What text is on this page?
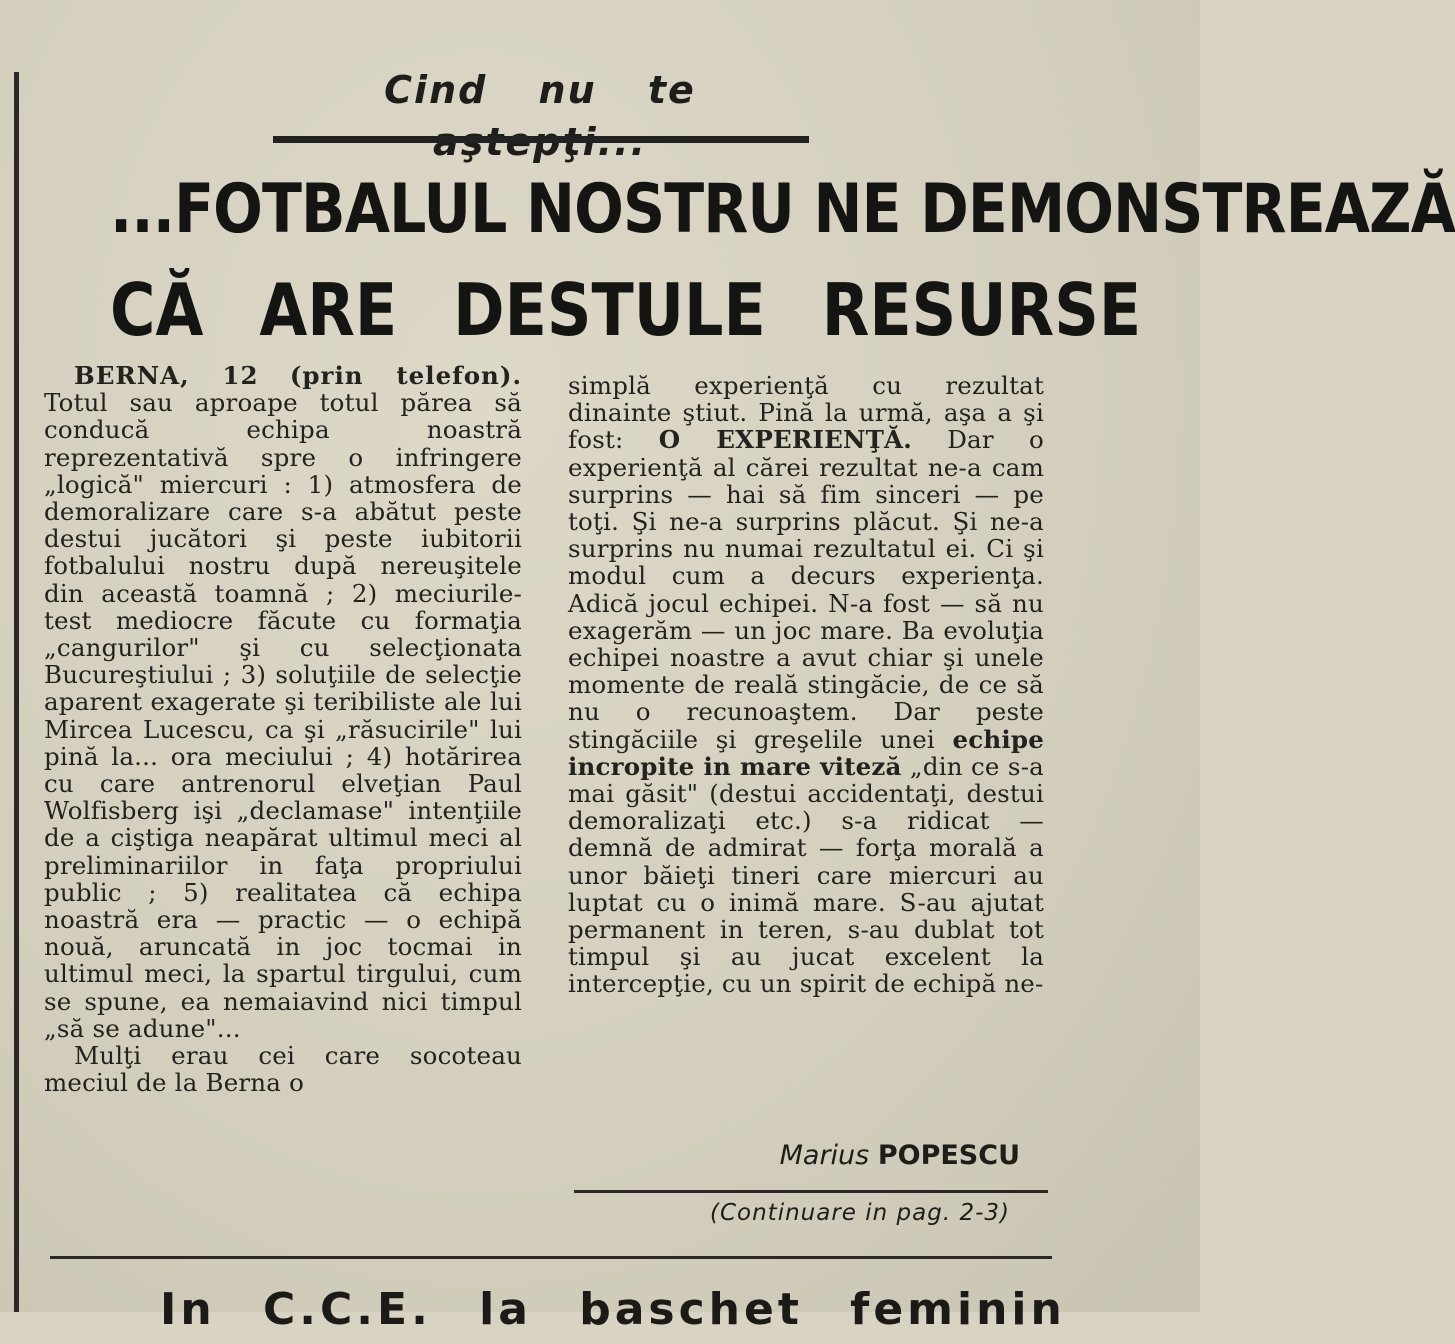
Cind nu te
...FOTBALUL NOSTRU NE DEMONSTREAZĂ
CĂ ARE DESTULE RESURSE

BERNA, 12 (prin telefon). Totul sau aproape totul părea să conducă echipa noastră reprezentativă spre o infringere „logică" miercuri : 1) atmosfera de demoralizare care s-a abătut peste destui jucători şi peste iubitorii fotbalului nostru după nereuşitele din această toamnă ; 2) meciurile-test mediocre făcute cu formaţia „cangurilor" şi cu selecţionata Bucureştiului ; 3) soluţiile de selecţie aparent exagerate şi teribiliste ale lui Mircea Lucescu, ca şi „răsucirile" lui pină la... ora meciului ; 4) hotărirea cu care antrenorul elveţian Paul Wolfisberg işi „declamase" intenţiile de a ciştiga neapărat ultimul meci al preliminariilor in faţa propriului public ; 5) realitatea că echipa noastră era — practic — o echipă nouă, aruncată in joc tocmai in ultimul meci, la spartul tirgului, cum se spune, ea nemaiavind nici timpul „să se adune"...

Mulţi erau cei care socoteau meciul de la Berna o

simplă experienţă cu rezultat dinainte ştiut. Pină la urmă, aşa a şi fost: O EXPERIENŢĂ. Dar o experienţă al cărei rezultat ne-a cam surprins — hai să fim sinceri — pe toţi. Şi ne-a surprins plăcut. Şi ne-a surprins nu numai rezultatul ei. Ci şi modul cum a decurs experienţa. Adică jocul echipei. N-a fost — să nu exagerăm — un joc mare. Ba evoluţia echipei noastre a avut chiar şi unele momente de reală stingăcie, de ce să nu o recunoaştem. Dar peste stingăciile şi greşelile unei echipe incropite in mare viteză „din ce s-a mai găsit" (destui accidentaţi, destui demoralizaţi etc.) s-a ridicat — demnă de admirat — forţa morală a unor băieţi tineri care miercuri au luptat cu o inimă mare. S-au ajutat permanent in teren, s-au dublat tot timpul şi au jucat excelent la intercepţie, cu un spirit de echipă ne-

Marius POPESCU
(Continuare in pag. 2-3)
In C.C.E. la baschet feminin
